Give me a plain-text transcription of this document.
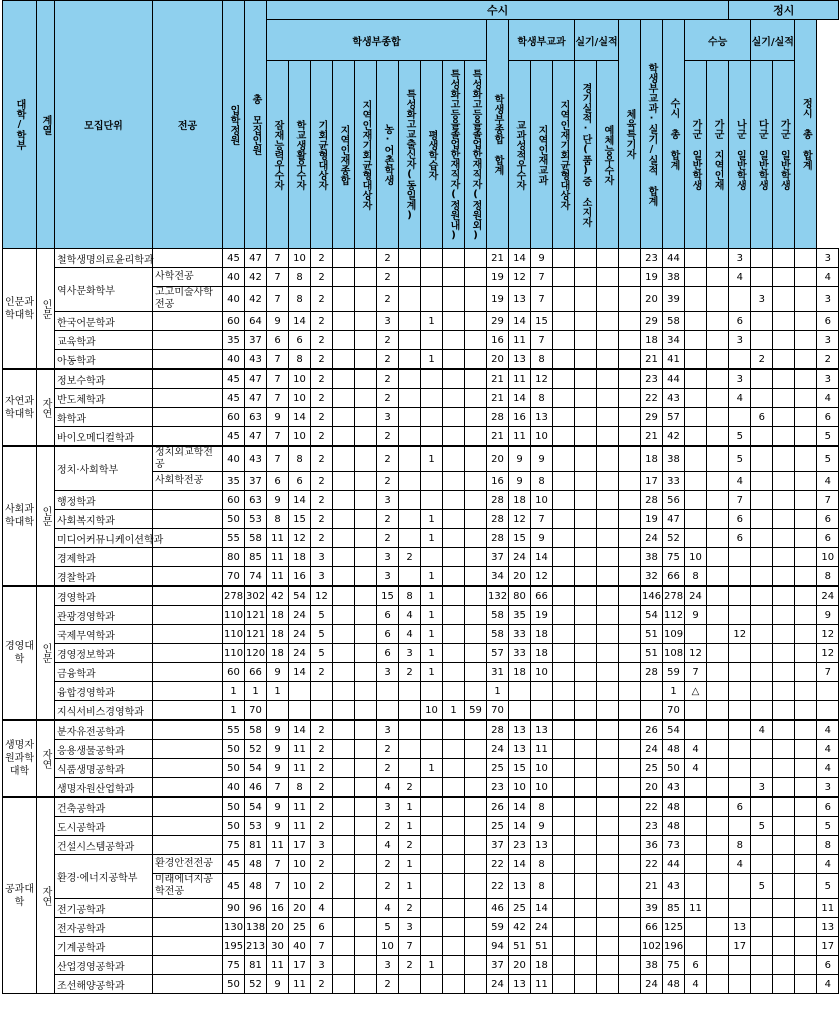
대학/학부	계열	모집단위	전공	입학정원	총 모집인원	수시																					정시				
						학생부종합										학생부종합 합계	학생부교과			실기/실적		체육특기자	학생부교과·실기/실적 합계	수시 총 합계	수능			실기/실적		정시 총 합계	
						잠재능력우수자	학교생활우수자	기회균형대상자	지역인재종합	지역인재기회균형대상자	농·어촌학생	특성화고교출신자(동일계)	평생학습자	특성화고등을졸업한재직자(정원내)	특성화고등을졸업한재직자(정원외)		교과성적우수자	지역인재교과	지역인재기회균형대상자	경기실적·단(품)증 소지자	예체능우수자				가군 일반학생	가군 지역인재	나군 일반학생	다군 일반학생	가군 일반학생		
인문과학대학	인문	철학생명의료윤리학과		45	47	7	10	2			2					21	14	9					23	44			3				3
		역사문화학부	사학전공	40	42	7	8	2			2					19	12	7					19	38			4				4
			고고미술사학전공	40	42	7	8	2			2					19	13	7					20	39				3			3
		한국어문학과		60	64	9	14	2			3		1			29	14	15					29	58			6				6
		교육학과		35	37	6	6	2			2					16	11	7					18	34			3				3
		아동학과		40	43	7	8	2			2		1			20	13	8					21	41				2			2
자연과학대학	자연	정보수학과		45	47	7	10	2			2					21	11	12					23	44			3				3
		반도체학과		45	47	7	10	2			2					21	14	8					22	43			4				4
		화학과		60	63	9	14	2			3					28	16	13					29	57				6			6
		바이오메디컬학과		45	47	7	10	2			2					21	11	10					21	42			5				5
사회과학대학	인문	정치·사회학부	정치외교학전공	40	43	7	8	2			2		1			20	9	9					18	38			5				5
			사회학전공	35	37	6	6	2			2					16	9	8					17	33			4				4
		행정학과		60	63	9	14	2			3					28	18	10					28	56			7				7
		사회복지학과		50	53	8	15	2			2		1			28	12	7					19	47			6				6
		미디어커뮤니케이션학과		55	58	11	12	2			2		1			28	15	9					24	52			6				6
		경제학과		80	85	11	18	3			3	2				37	24	14					38	75	10						10
		경찰학과		70	74	11	16	3			3		1			34	20	12					32	66	8						8
경영대학	인문	경영학과		278	302	42	54	12			15	8	1			132	80	66					146	278	24						24
		관광경영학과		110	121	18	24	5			6	4	1			58	35	19					54	112	9						9
		국제무역학과		110	121	18	24	5			6	4	1			58	33	18					51	109			12				12
		경영정보학과		110	120	18	24	5			6	3	1			57	33	18					51	108	12						12
		금융학과		60	66	9	14	2			3	2	1			31	18	10					28	59	7						7
		융합경영학과		1	1	1										1								1	△						
		지식서비스경영학과		1	70								10	1	59	70								70							
생명자원과학대학	자연	분자유전공학과		55	58	9	14	2			3					28	13	13					26	54				4			4
		응용생물공학과		50	52	9	11	2			2					24	13	11					24	48	4						4
		식품생명공학과		50	54	9	11	2			2		1			25	15	10					25	50	4						4
		생명자원산업학과		40	46	7	8	2			4	2				23	10	10					20	43				3			3
공과대학	자연	건축공학과		50	54	9	11	2			3	1				26	14	8					22	48			6				6
		도시공학과		50	53	9	11	2			2	1				25	14	9					23	48				5			5
		건설시스템공학과		75	81	11	17	3			4	2				37	23	13					36	73			8				8
		환경·에너지공학부	환경안전전공	45	48	7	10	2			2	1				22	14	8					22	44			4				4
			미래에너지공학전공	45	48	7	10	2			2	1				22	13	8					21	43				5			5
		전기공학과		90	96	16	20	4			4	2				46	25	14					39	85	11						11
		전자공학과		130	138	20	25	6			5	3				59	42	24					66	125			13				13
		기계공학과		195	213	30	40	7			10	7				94	51	51					102	196			17				17
		산업경영공학과		75	81	11	17	3			3	2	1			37	20	18					38	75	6						6
		조선해양공학과		50	52	9	11	2			2					24	13	11					24	48	4						4
